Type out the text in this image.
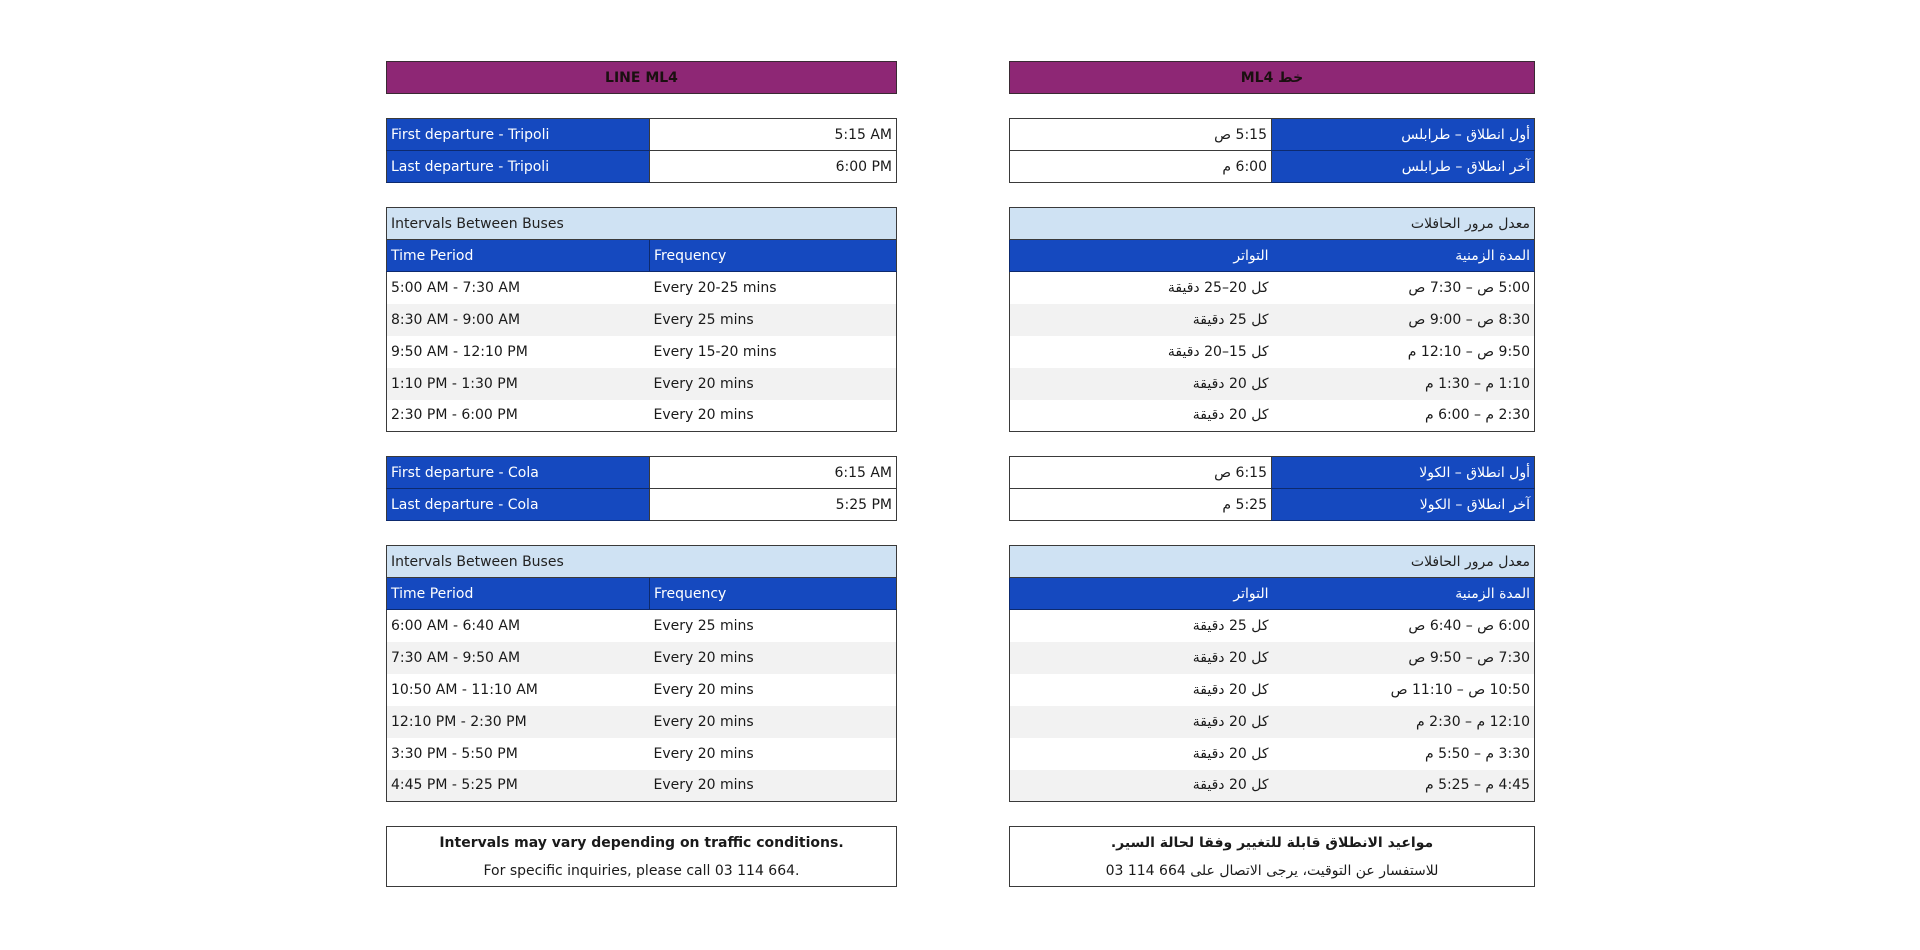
LINE ML4
First departure - Tripoli	5:15 AM
Last departure - Tripoli	6:00 PM
Intervals Between Buses	
Time Period	Frequency
5:00 AM - 7:30 AM	Every 20-25 mins
8:30 AM - 9:00 AM	Every 25 mins
9:50 AM - 12:10 PM	Every 15-20 mins
1:10 PM - 1:30 PM	Every 20 mins
2:30 PM - 6:00 PM	Every 20 mins
First departure - Cola	6:15 AM
Last departure - Cola	5:25 PM
Intervals Between Buses	
Time Period	Frequency
6:00 AM - 6:40 AM	Every 25 mins
7:30 AM - 9:50 AM	Every 20 mins
10:50 AM - 11:10 AM	Every 20 mins
12:10 PM - 2:30 PM	Every 20 mins
3:30 PM - 5:50 PM	Every 20 mins
4:45 PM - 5:25 PM	Every 20 mins
Intervals may vary depending on traffic conditions.
For specific inquiries, please call 03 114 664.
خط ML4
أول انطلاق – طرابلس	5:15 ص
آخر انطلاق – طرابلس	6:00 م
معدل مرور الحافلات	
المدة الزمنية	التواتر
5:00 ص – 7:30 ص	كل 20–25 دقيقة
8:30 ص – 9:00 ص	كل 25 دقيقة
9:50 ص – 12:10 م	كل 15–20 دقيقة
1:10 م – 1:30 م	كل 20 دقيقة
2:30 م – 6:00 م	كل 20 دقيقة
أول انطلاق – الكولا	6:15 ص
آخر انطلاق – الكولا	5:25 م
معدل مرور الحافلات	
المدة الزمنية	التواتر
6:00 ص – 6:40 ص	كل 25 دقيقة
7:30 ص – 9:50 ص	كل 20 دقيقة
10:50 ص – 11:10 ص	كل 20 دقيقة
12:10 م – 2:30 م	كل 20 دقيقة
3:30 م – 5:50 م	كل 20 دقيقة
4:45 م – 5:25 م	كل 20 دقيقة
مواعيد الانطلاق قابلة للتغيير وفقا لحالة السير.
للاستفسار عن التوقيت، يرجى الاتصال على 664 114 03
